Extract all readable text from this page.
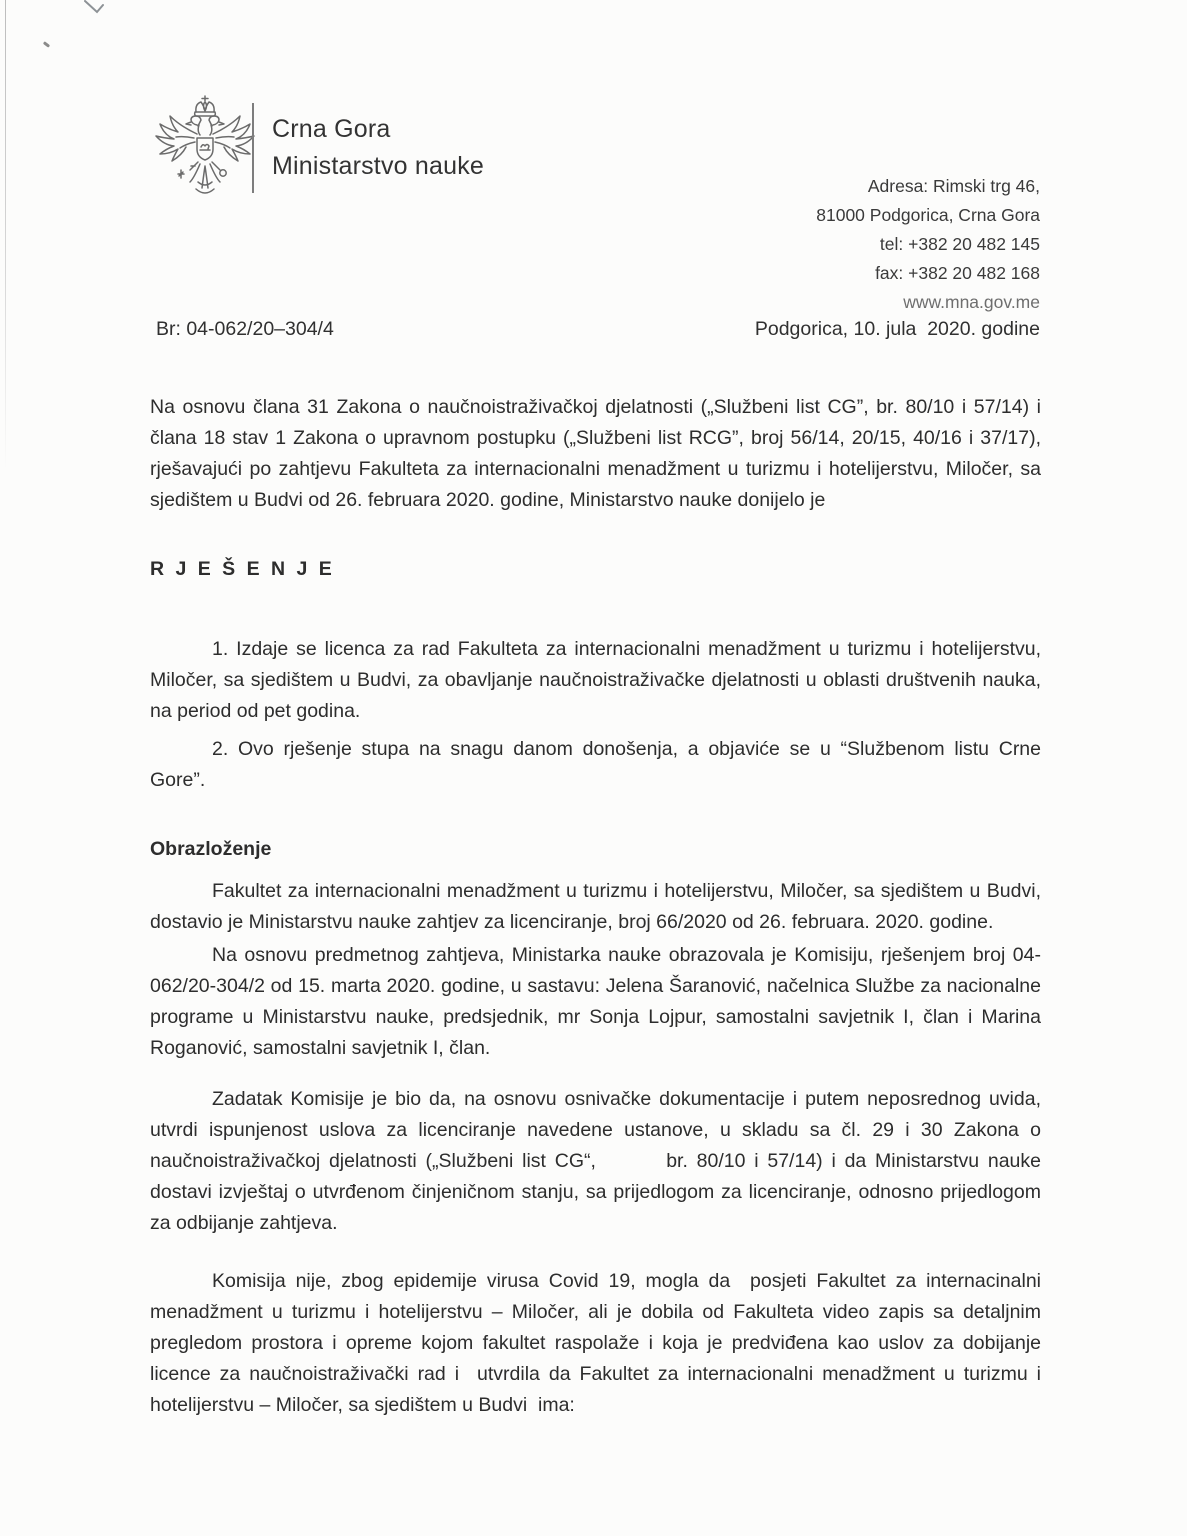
Crna Gora
Ministarstvo nauke
Adresa: Rimski trg 46,
81000 Podgorica, Crna Gora
tel: +382 20 482 145
fax: +382 20 482 168
www.mna.gov.me
Br: 04-062/20–304/4	Podgorica, 10. jula  2020. godine

Na osnovu člana 31 Zakona o naučnoistraživačkoj djelatnosti („Službeni list CG”, br. 80/10 i 57/14) i člana 18 stav 1 Zakona o upravnom postupku („Službeni list RCG”, broj 56/14, 20/15, 40/16 i 37/17), rješavajući po zahtjevu Fakulteta za internacionalni menadžment u turizmu i hotelijerstvu, Miločer, sa sjedištem u Budvi od 26. februara 2020. godine, Ministarstvo nauke donijelo je

R J E Š E N J E

1. Izdaje se licenca za rad Fakulteta za internacionalni menadžment u turizmu i hotelijerstvu, Miločer, sa sjedištem u Budvi, za obavljanje naučnoistraživačke djelatnosti u oblasti društvenih nauka, na period od pet godina.

2. Ovo rješenje stupa na snagu danom donošenja, a objaviće se u “Službenom listu Crne Gore”.

Obrazloženje

Fakultet za internacionalni menadžment u turizmu i hotelijerstvu, Miločer, sa sjedištem u Budvi, dostavio je Ministarstvu nauke zahtjev za licenciranje, broj 66/2020 od 26. februara. 2020. godine.

Na osnovu predmetnog zahtjeva, Ministarka nauke obrazovala je Komisiju, rješenjem broj 04-062/20-304/2 od 15. marta 2020. godine, u sastavu: Jelena Šaranović, načelnica Službe za nacionalne programe u Ministarstvu nauke, predsjednik, mr Sonja Lojpur, samostalni savjetnik I, član i Marina Roganović, samostalni savjetnik I, član.

Zadatak Komisije je bio da, na osnovu osnivačke dokumentacije i putem neposrednog uvida, utvrdi ispunjenost uslova za licenciranje navedene ustanove, u skladu sa čl. 29 i 30 Zakona o naučnoistraživačkoj djelatnosti („Službeni list CG“,        br. 80/10 i 57/14) i da Ministarstvu nauke dostavi izvještaj o utvrđenom činjeničnom stanju, sa prijedlogom za licenciranje, odnosno prijedlogom za odbijanje zahtjeva.

Komisija nije, zbog epidemije virusa Covid 19, mogla da  posjeti Fakultet za internacinalni menadžment u turizmu i hotelijerstvu – Miločer, ali je dobila od Fakulteta video zapis sa detaljnim pregledom prostora i opreme kojom fakultet raspolaže i koja je predviđena kao uslov za dobijanje licence za naučnoistraživački rad i  utvrdila da Fakultet za internacionalni menadžment u turizmu i hotelijerstvu – Miločer, sa sjedištem u Budvi  ima:
